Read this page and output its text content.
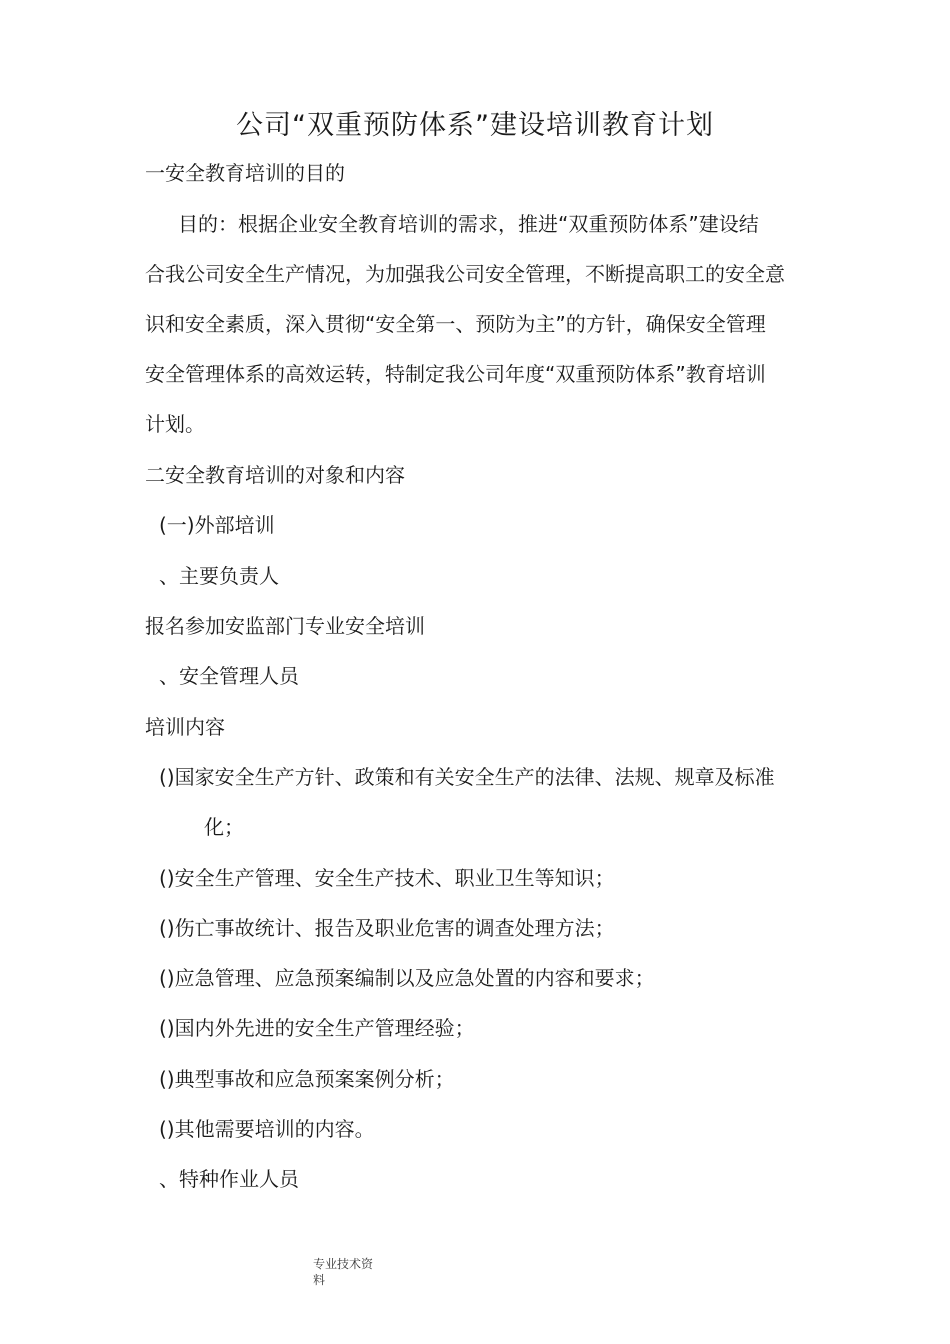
公司“双重预防体系”建设培训教育计划
一安全教育培训的目的
目的：根据企业安全教育培训的需求，推进“双重预防体系”建设结
合我公司安全生产情况，为加强我公司安全管理，不断提高职工的安全意
识和安全素质，深入贯彻“安全第一、预防为主”的方针，确保安全管理
安全管理体系的高效运转，特制定我公司年度“双重预防体系”教育培训
计划。
二安全教育培训的对象和内容
(一)外部培训
、主要负责人
报名参加安监部门专业安全培训
、安全管理人员
培训内容
()国家安全生产方针、政策和有关安全生产的法律、法规、规章及标准
化；
()安全生产管理、安全生产技术、职业卫生等知识；
()伤亡事故统计、报告及职业危害的调查处理方法；
()应急管理、应急预案编制以及应急处置的内容和要求；
()国内外先进的安全生产管理经验；
()典型事故和应急预案案例分析；
()其他需要培训的内容。
、特种作业人员
专业技术资
料
